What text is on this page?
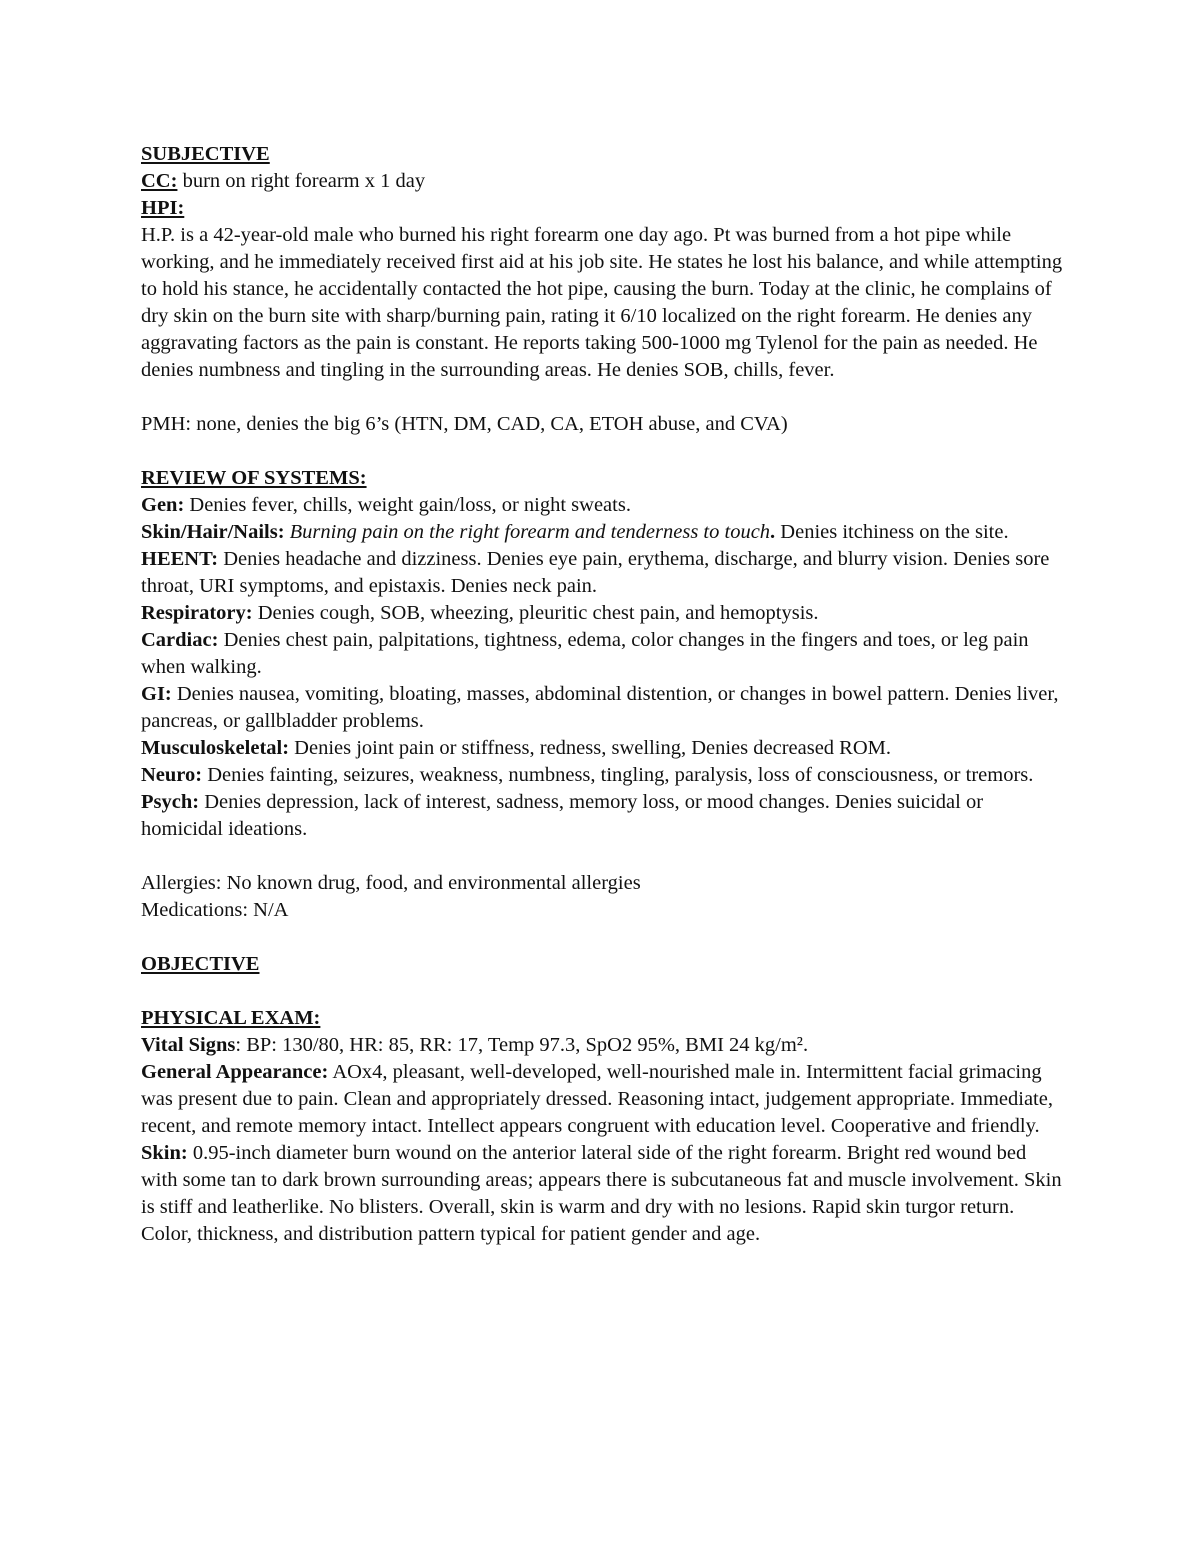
SUBJECTIVE

CC: burn on right forearm x 1 day

HPI:

H.P. is a 42-year-old male who burned his right forearm one day ago. Pt was burned from a hot pipe while working, and he immediately received first aid at his job site. He states he lost his balance, and while attempting to hold his stance, he accidentally contacted the hot pipe, causing the burn. Today at the clinic, he complains of dry skin on the burn site with sharp/burning pain, rating it 6/10 localized on the right forearm. He denies any aggravating factors as the pain is constant. He reports taking 500-1000 mg Tylenol for the pain as needed. He denies numbness and tingling in the surrounding areas. He denies SOB, chills, fever.

PMH: none, denies the big 6’s (HTN, DM, CAD, CA, ETOH abuse, and CVA)

REVIEW OF SYSTEMS:

Gen: Denies fever, chills, weight gain/loss, or night sweats.

Skin/Hair/Nails: Burning pain on the right forearm and tenderness to touch. Denies itchiness on the site.

HEENT: Denies headache and dizziness. Denies eye pain, erythema, discharge, and blurry vision. Denies sore throat, URI symptoms, and epistaxis. Denies neck pain.

Respiratory: Denies cough, SOB, wheezing, pleuritic chest pain, and hemoptysis.

Cardiac: Denies chest pain, palpitations, tightness, edema, color changes in the fingers and toes, or leg pain when walking.

GI: Denies nausea, vomiting, bloating, masses, abdominal distention, or changes in bowel pattern. Denies liver, pancreas, or gallbladder problems.

Musculoskeletal: Denies joint pain or stiffness, redness, swelling, Denies decreased ROM.

Neuro: Denies fainting, seizures, weakness, numbness, tingling, paralysis, loss of consciousness, or tremors.

Psych: Denies depression, lack of interest, sadness, memory loss, or mood changes. Denies suicidal or homicidal ideations.

Allergies: No known drug, food, and environmental allergies

Medications: N/A

OBJECTIVE

PHYSICAL EXAM:

Vital Signs: BP: 130/80, HR: 85, RR: 17, Temp 97.3, SpO2 95%, BMI 24 kg/m².

General Appearance: AOx4, pleasant, well-developed, well-nourished male in. Intermittent facial grimacing was present due to pain. Clean and appropriately dressed. Reasoning intact, judgement appropriate. Immediate, recent, and remote memory intact. Intellect appears congruent with education level. Cooperative and friendly.

Skin: 0.95-inch diameter burn wound on the anterior lateral side of the right forearm. Bright red wound bed with some tan to dark brown surrounding areas; appears there is subcutaneous fat and muscle involvement. Skin is stiff and leatherlike. No blisters. Overall, skin is warm and dry with no lesions. Rapid skin turgor return. Color, thickness, and distribution pattern typical for patient gender and age.
